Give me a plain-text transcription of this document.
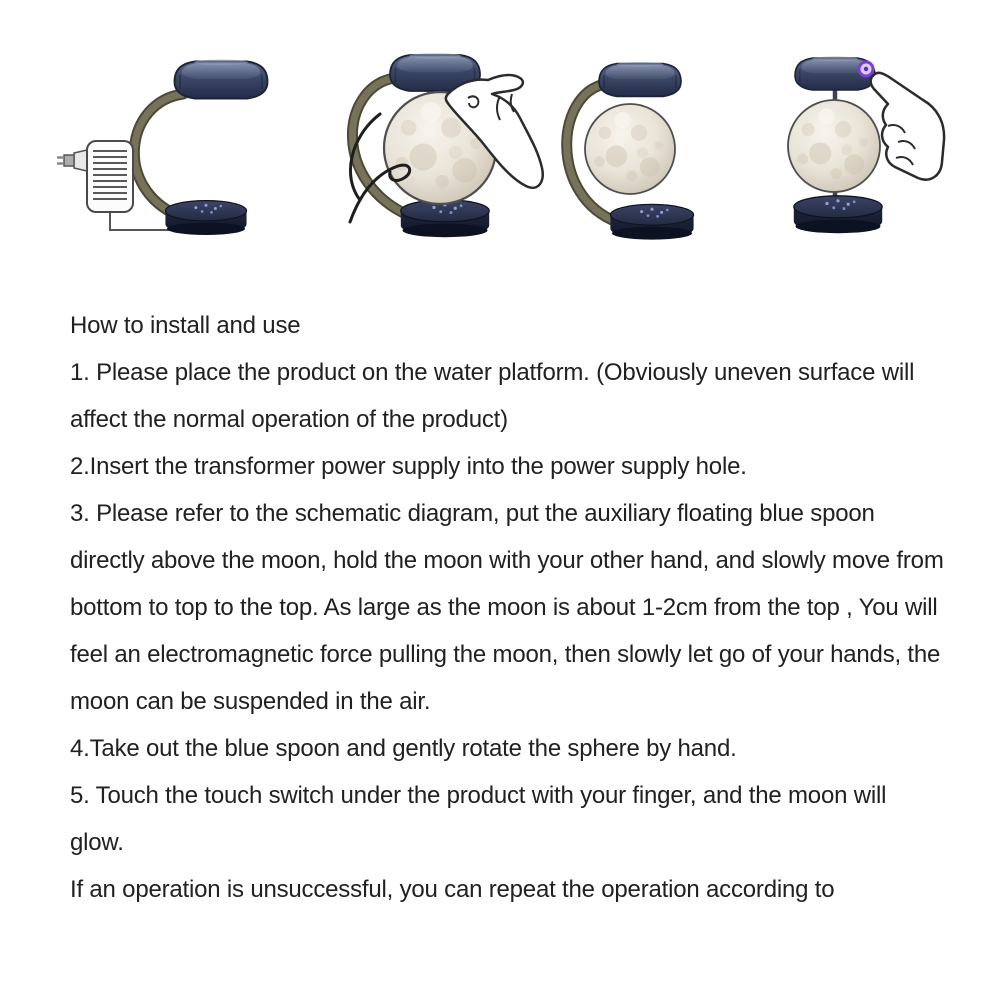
How to install and use

1. Please place the product on the water platform. (Obviously uneven surface will affect the normal operation of the product)

2.Insert the transformer power supply into the power supply hole.

3. Please refer to the schematic diagram, put the auxiliary floating blue spoon directly above the moon, hold the moon with your other hand, and slowly move from bottom to top to the top. As large as the moon is about 1-2cm from the top , You will feel an electromagnetic force pulling the moon, then slowly let go of your hands, the moon can be suspended in the air.

4.Take out the blue spoon and gently rotate the sphere by hand.

5. Touch the touch switch under the product with your finger, and the moon will glow.

If an operation is unsuccessful, you can repeat the operation according to
